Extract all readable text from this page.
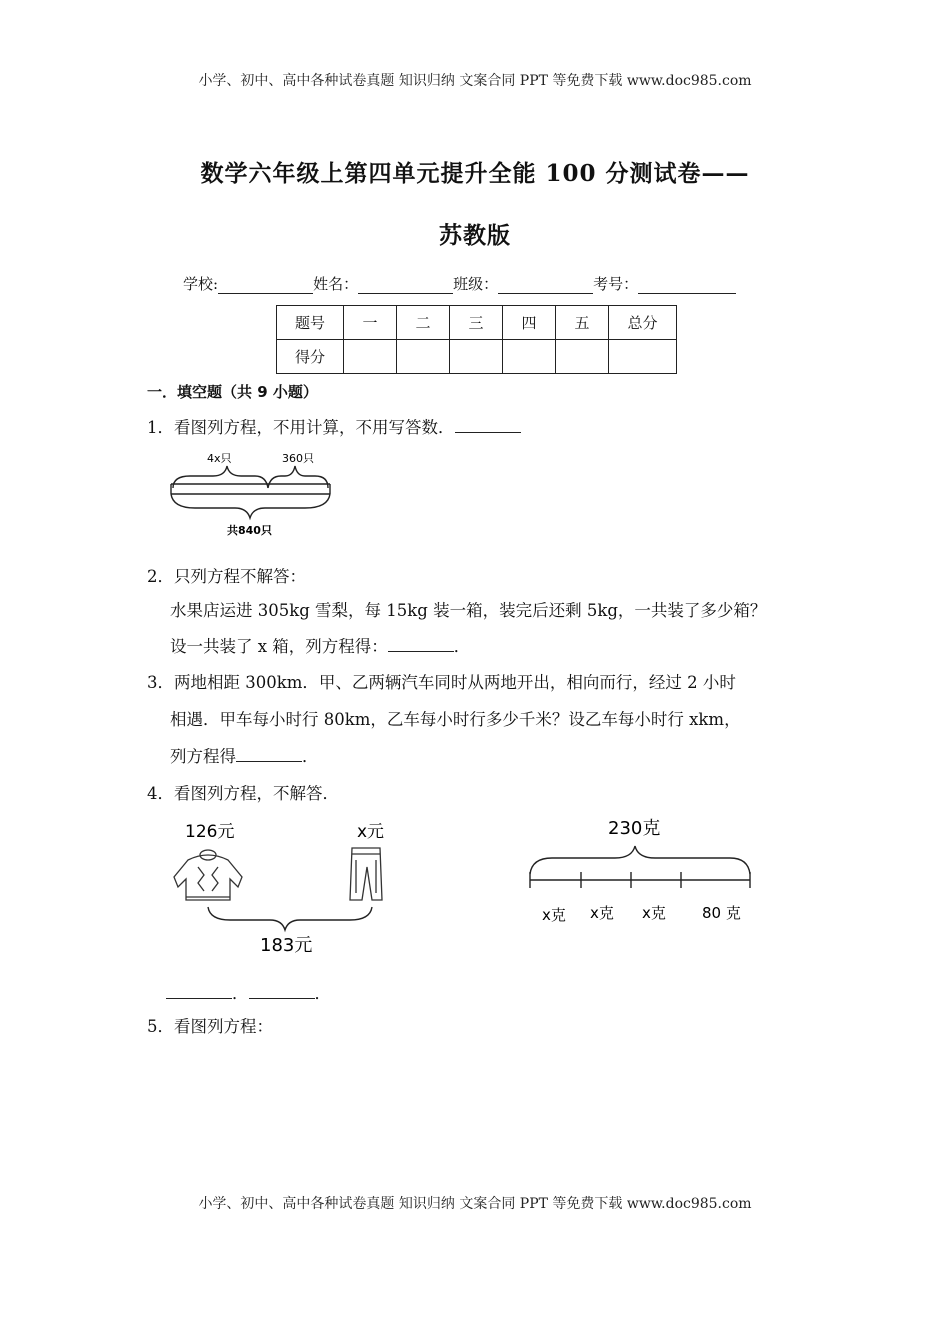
小学、初中、高中各种试卷真题 知识归纳 文案合同 PPT 等免费下载 www.doc985.com
数学六年级上第四单元提升全能 100 分测试卷——
苏教版
学校:	姓名：	班级：	考号：
题号	一	二	三	四	五	总分
得分						
一．填空题（共 9 小题）
1．看图列方程，不用计算，不用写答数．
4x只	360只
共840只
2．只列方程不解答：
水果店运进 305kg 雪梨，每 15kg 装一箱，装完后还剩 5kg，一共装了多少箱？
设一共装了 x 箱，列方程得：	．
3．两地相距 300km．甲、乙两辆汽车同时从两地开出，相向而行，经过 2 小时
相遇．甲车每小时行 80km，乙车每小时行多少千米？设乙车每小时行 xkm，
列方程得	．
4．看图列方程，不解答．
126元	x元
183元
230克
x克 x克 x克 80 克
．	．
5．看图列方程：
小学、初中、高中各种试卷真题 知识归纳 文案合同 PPT 等免费下载 www.doc985.com
